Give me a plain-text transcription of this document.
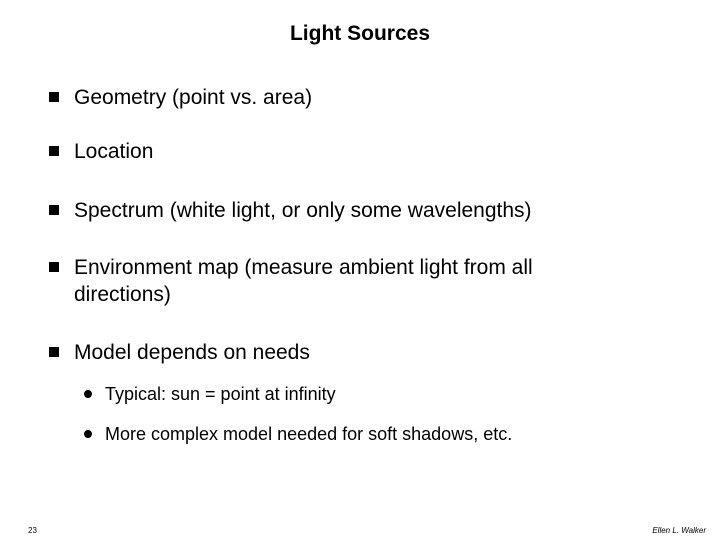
Light Sources
Geometry (point vs. area)
Location
Spectrum (white light, or only some wavelengths)
Environment map (measure ambient light from all directions)
Model depends on needs
Typical: sun = point at infinity
More complex model needed for soft shadows, etc.
23	Ellen L. Walker
